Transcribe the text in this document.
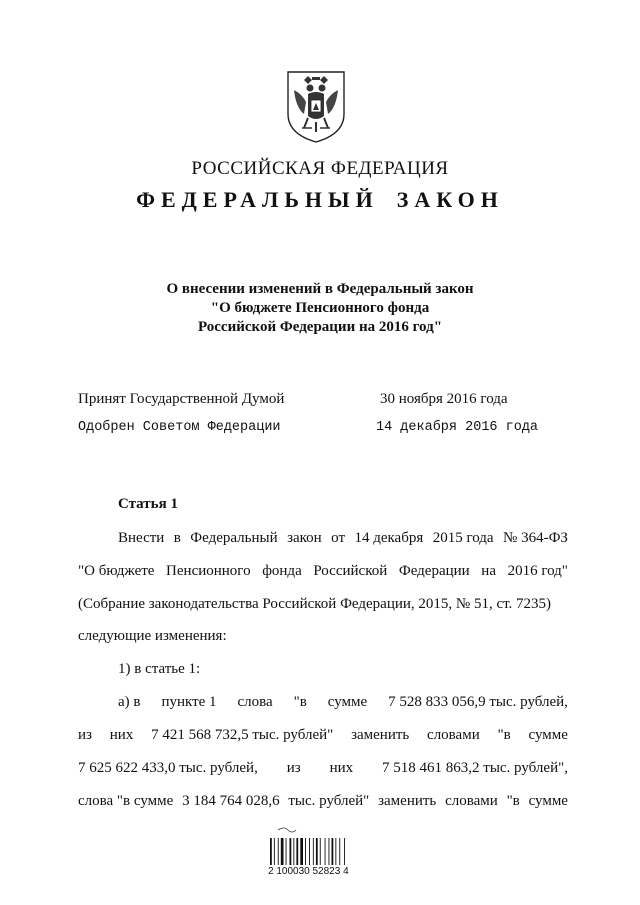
РОССИЙСКАЯ ФЕДЕРАЦИЯ
ФЕДЕРАЛЬНЫЙ ЗАКОН
О внесении изменений в Федеральный закон
"О бюджете Пенсионного фонда
Российской Федерации на 2016 год"
Принят Государственной Думой	30 ноября 2016 года
Одобрен Советом Федерации	14 декабря 2016 года
Статья 1
Внести в Федеральный закон от 14 декабря 2015 года № 364-ФЗ
"О бюджете Пенсионного фонда Российской Федерации на 2016 год"
(Собрание законодательства Российской Федерации, 2015, № 51, ст. 7235)
следующие изменения:
1) в статье 1:
а) в пункте 1 слова "в сумме 7 528 833 056,9 тыс. рублей,
из них 7 421 568 732,5 тыс. рублей" заменить словами "в сумме
7 625 622 433,0 тыс. рублей, из них 7 518 461 863,2 тыс. рублей",
слова "в сумме 3 184 764 028,6 тыс. рублей" заменить словами "в сумме
2 100030 52823 4
